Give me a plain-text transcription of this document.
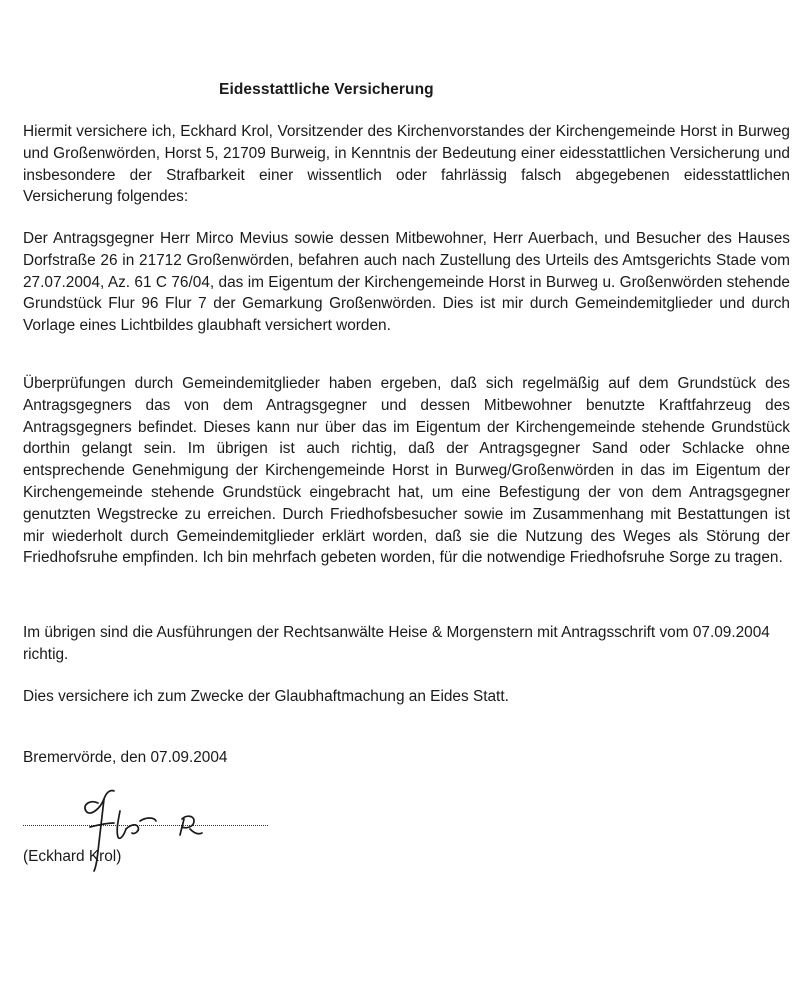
Eidesstattliche Versicherung
Hiermit versichere ich, Eckhard Krol, Vorsitzender des Kirchenvorstandes der Kirchengemeinde Horst in Burweg und Großenwörden, Horst 5, 21709 Burweig, in Kenntnis der Bedeutung einer eidesstattlichen Versicherung und insbesondere der Strafbarkeit einer wissentlich oder fahrlässig falsch abgegebenen eidesstattlichen Versicherung folgendes:
Der Antragsgegner Herr Mirco Mevius sowie dessen Mitbewohner, Herr Auerbach, und Besucher des Hauses Dorfstraße 26 in 21712 Großenwörden, befahren auch nach Zustellung des Urteils des Amtsgerichts Stade vom 27.07.2004, Az. 61 C 76/04, das im Eigentum der Kirchengemeinde Horst in Burweg u. Großenwörden stehende Grundstück Flur 96 Flur 7 der Gemarkung Großenwörden. Dies ist mir durch Gemeindemitglieder und durch Vorlage eines Lichtbildes glaubhaft versichert worden.
Überprüfungen durch Gemeindemitglieder haben ergeben, daß sich regelmäßig auf dem Grundstück des Antragsgegners das von dem Antragsgegner und dessen Mitbewohner benutzte Kraftfahrzeug des Antragsgegners befindet. Dieses kann nur über das im Eigentum der Kirchengemeinde stehende Grundstück dorthin gelangt sein. Im übrigen ist auch richtig, daß der Antragsgegner Sand oder Schlacke ohne entsprechende Genehmigung der Kirchengemeinde Horst in Burweg/Großenwörden in das im Eigentum der Kirchengemeinde stehende Grundstück eingebracht hat, um eine Befestigung der von dem Antragsgegner genutzten Wegstrecke zu erreichen. Durch Friedhofsbesucher sowie im Zusammenhang mit Bestattungen ist mir wiederholt durch Gemeindemitglieder erklärt worden, daß sie die Nutzung des Weges als Störung der Friedhofsruhe empfinden. Ich bin mehrfach gebeten worden, für die notwendige Friedhofsruhe Sorge zu tragen.
Im übrigen sind die Ausführungen der Rechtsanwälte Heise & Morgenstern mit Antragsschrift vom 07.09.2004 richtig.
Dies versichere ich zum Zwecke der Glaubhaftmachung an Eides Statt.
Bremervörde, den 07.09.2004
(Eckhard Krol)
